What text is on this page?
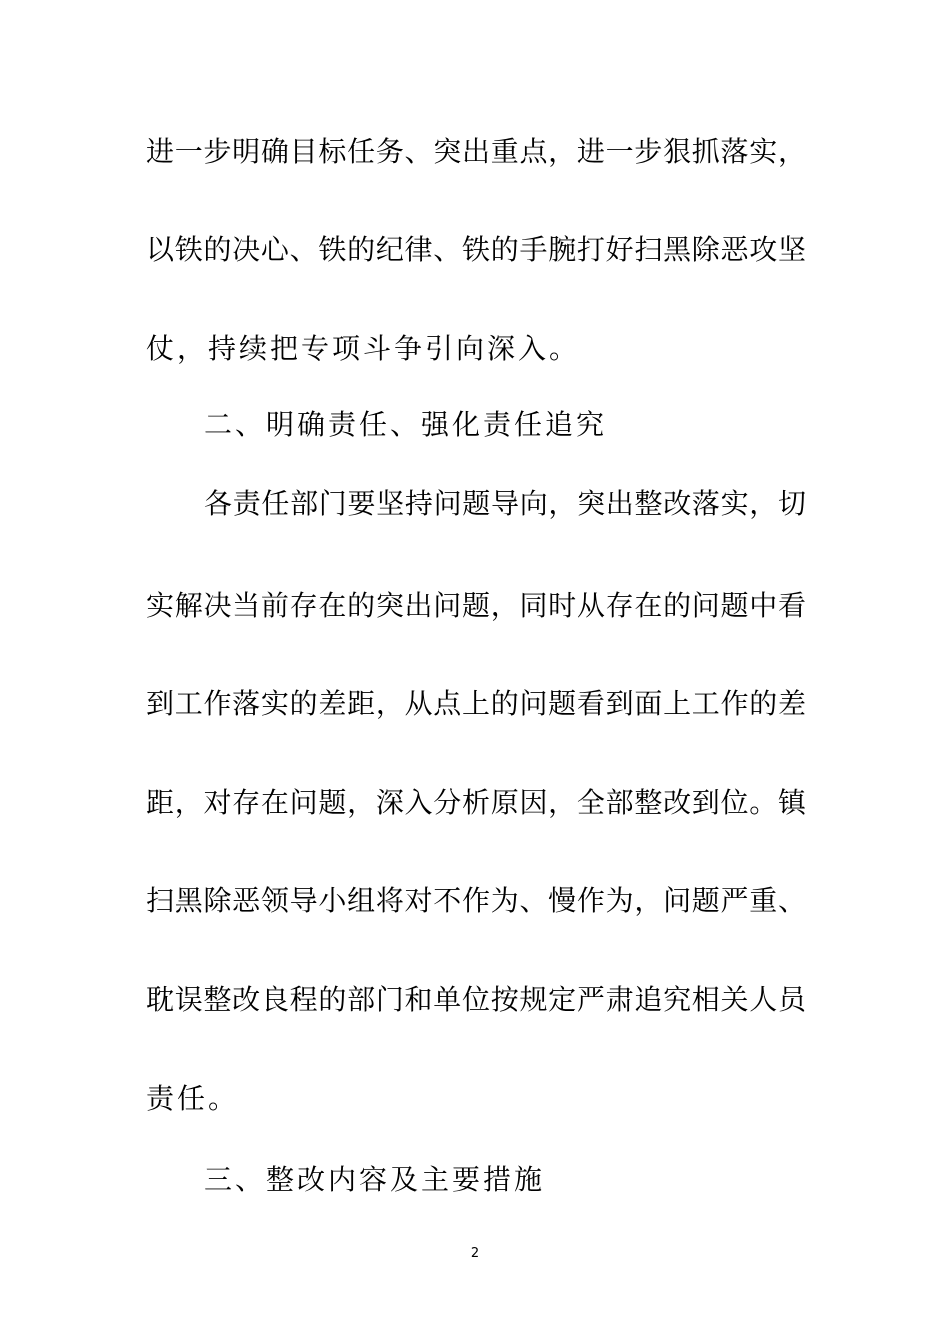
进一步明确目标任务、突出重点，进一步狠抓落实，
以铁的决心、铁的纪律、铁的手腕打好扫黑除恶攻坚
仗，持续把专项斗争引向深入。
二、明确责任、强化责任追究
各责任部门要坚持问题导向，突出整改落实，切
实解决当前存在的突出问题，同时从存在的问题中看
到工作落实的差距，从点上的问题看到面上工作的差
距，对存在问题，深入分析原因，全部整改到位。镇
扫黑除恶领导小组将对不作为、慢作为，问题严重、
耽误整改良程的部门和单位按规定严肃追究相关人员
责任。
三、整改内容及主要措施
2
